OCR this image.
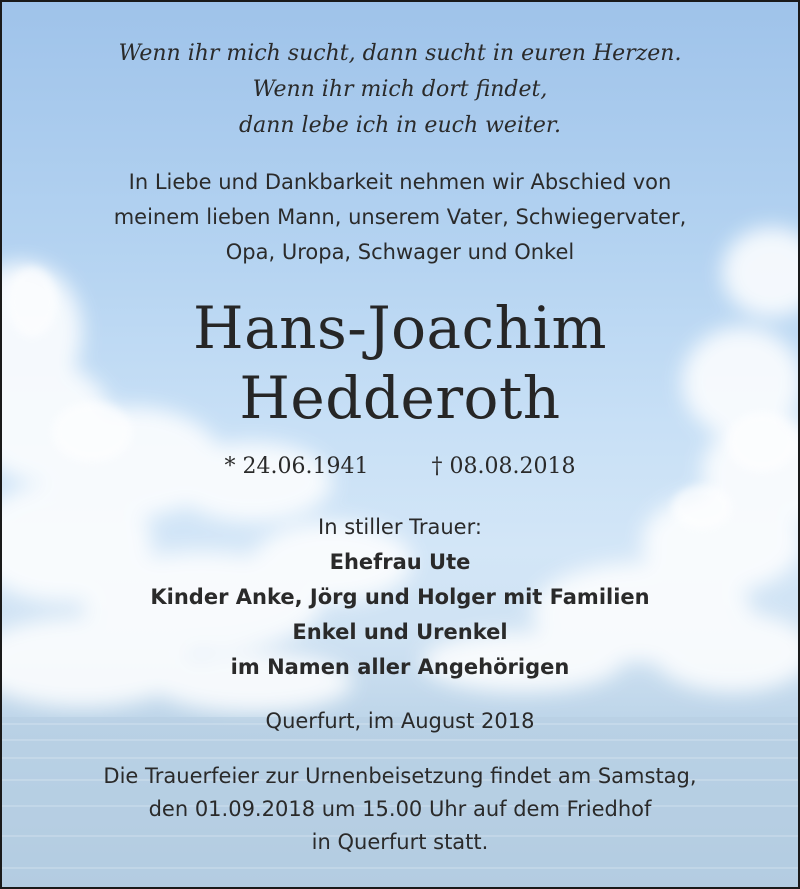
Wenn ihr mich sucht, dann sucht in euren Herzen.
Wenn ihr mich dort findet,
dann lebe ich in euch weiter.
In Liebe und Dankbarkeit nehmen wir Abschied von
meinem lieben Mann, unserem Vater, Schwiegervater,
Opa, Uropa, Schwager und Onkel
Hans-Joachim
Hedderoth
* 24.06.1941	† 08.08.2018
In stiller Trauer:
Ehefrau Ute
Kinder Anke, Jörg und Holger mit Familien
Enkel und Urenkel
im Namen aller Angehörigen
Querfurt, im August 2018
Die Trauerfeier zur Urnenbeisetzung findet am Samstag,
den 01.09.2018 um 15.00 Uhr auf dem Friedhof
in Querfurt statt.
